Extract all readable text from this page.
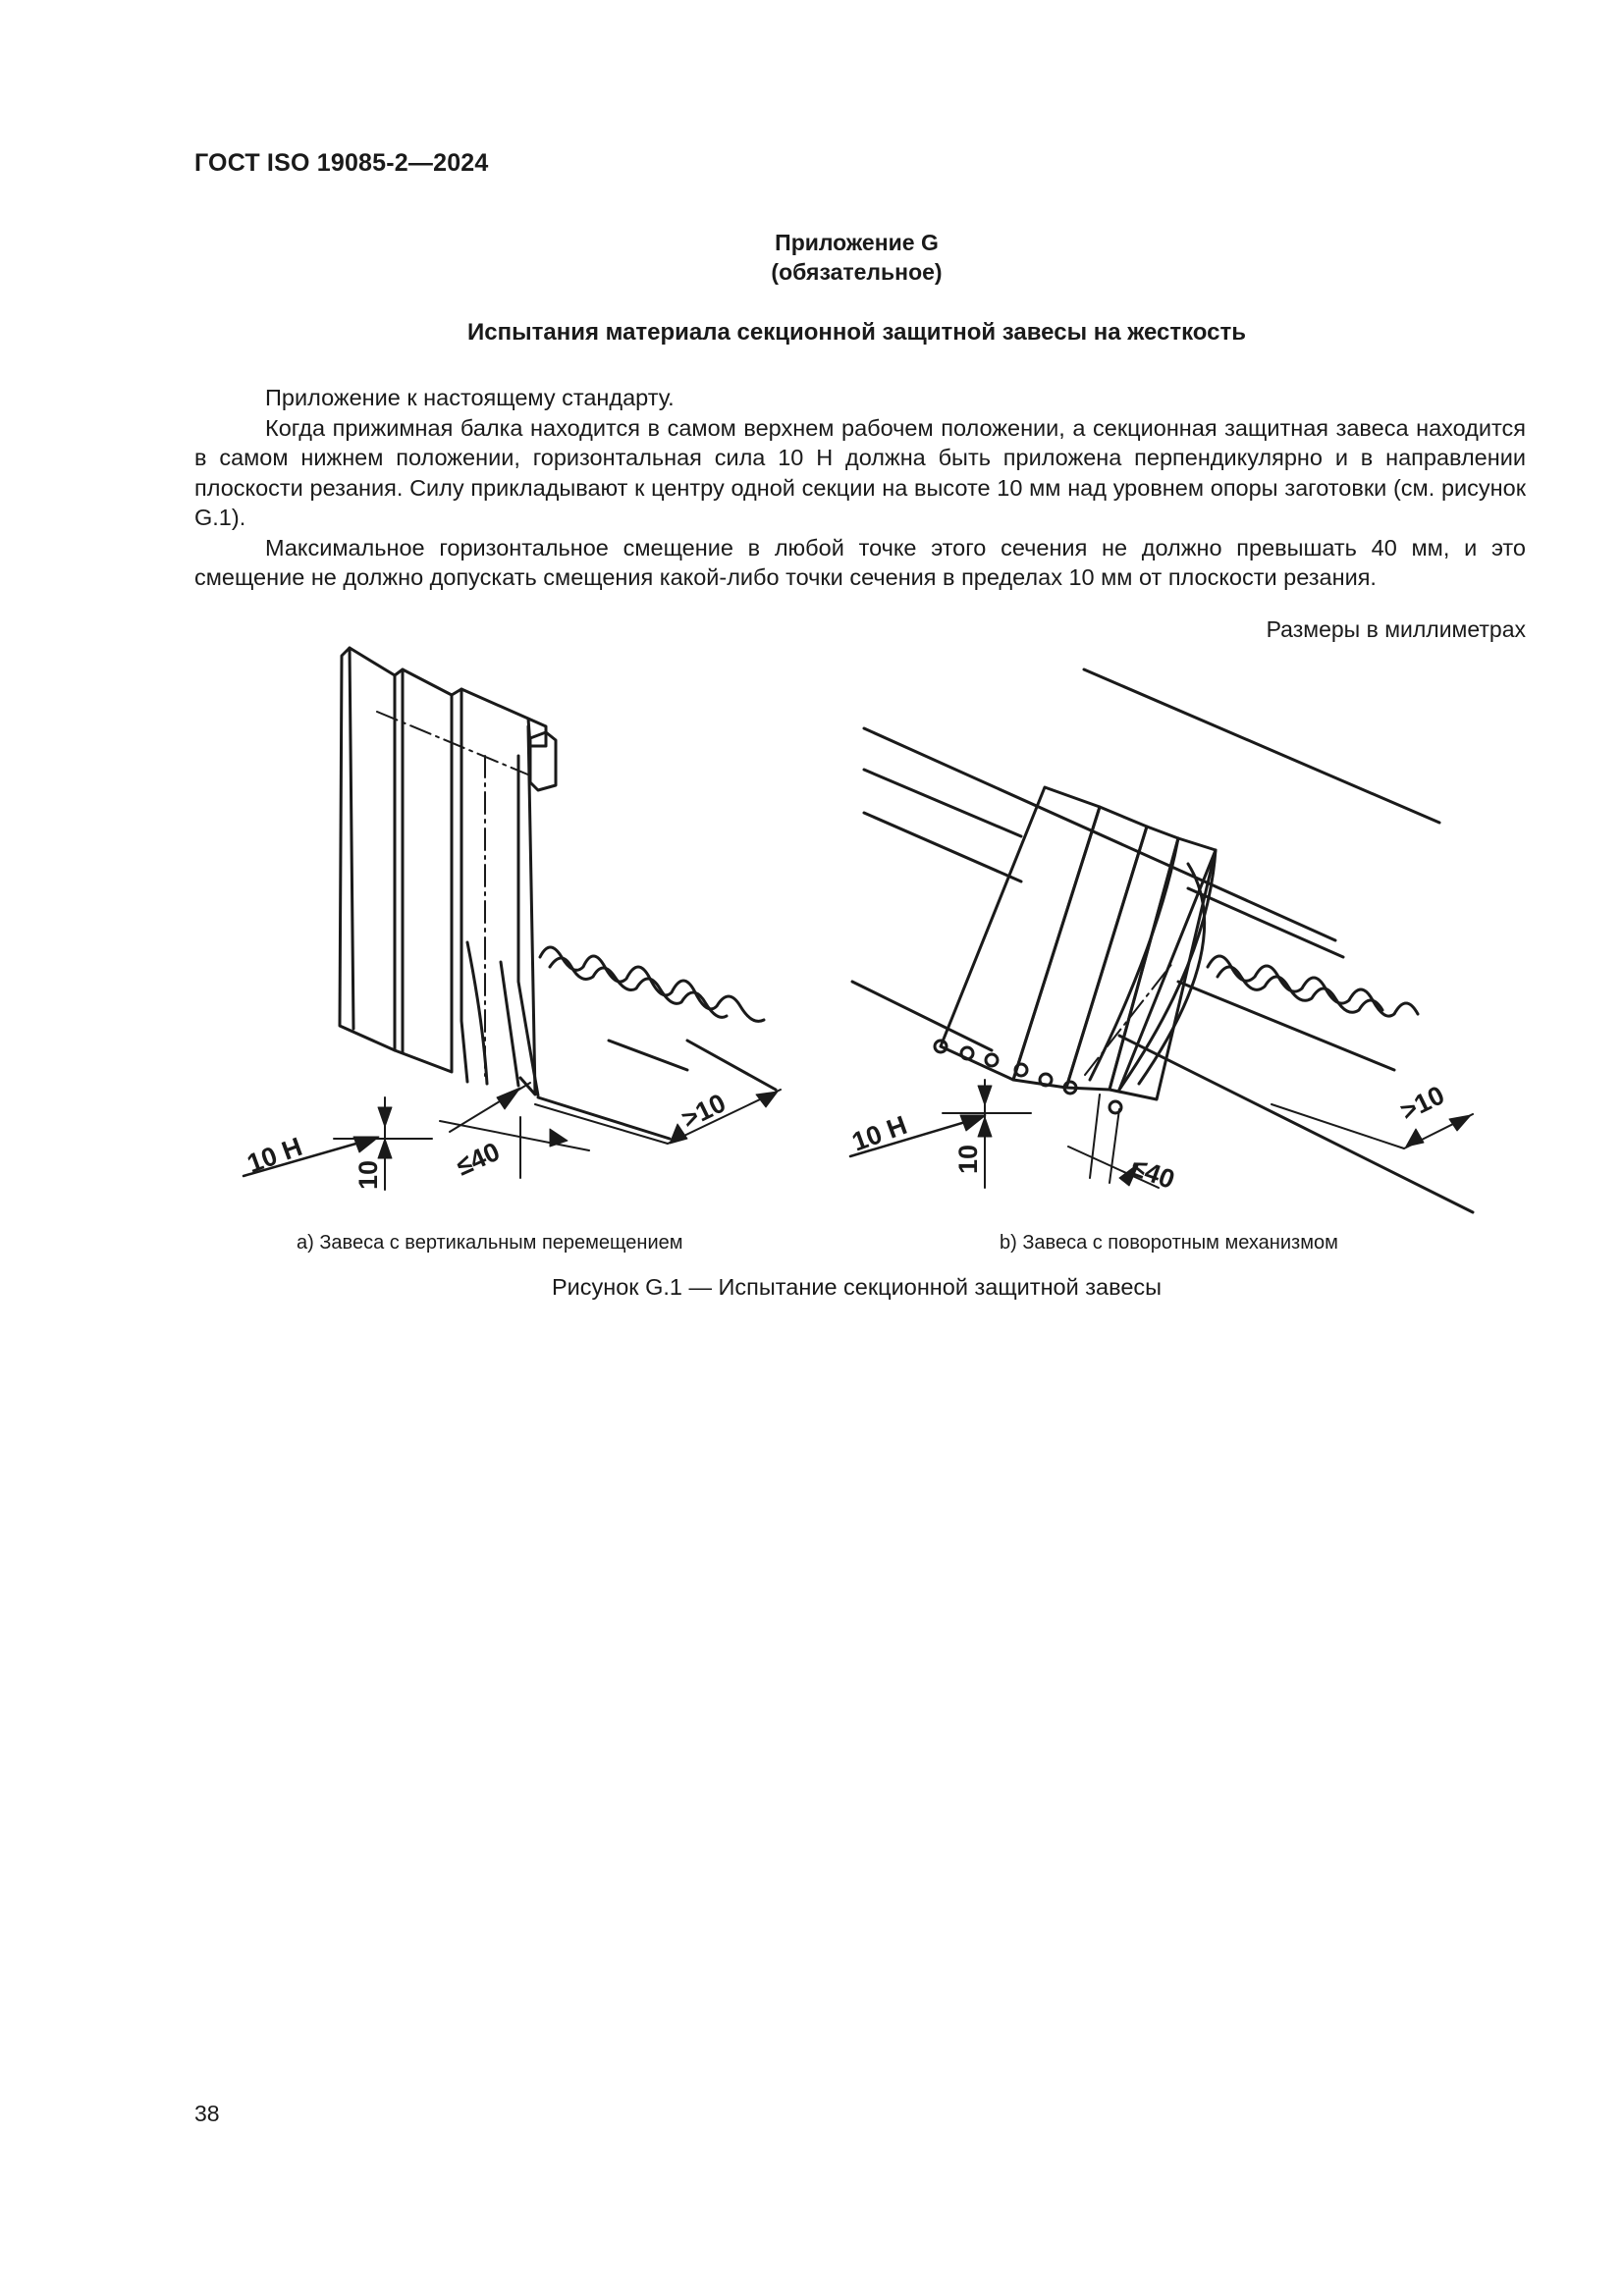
ГОСТ ISO 19085-2—2024
Приложение G
(обязательное)
Испытания материала секционной защитной завесы на жесткость

Приложение к настоящему стандарту.

Когда прижимная балка находится в самом верхнем рабочем положении, а секционная защитная завеса находится в самом нижнем положении, горизонтальная сила 10 Н должна быть приложена перпендикулярно и в направлении плоскости резания. Силу прикладывают к центру одной секции на высоте 10 мм над уровнем опоры заготовки (см. рисунок G.1).

Максимальное горизонтальное смещение в любой точке этого сечения не должно превышать 40 мм, и это смещение не должно допускать смещения какой-либо точки сечения в пределах 10 мм от плоскости резания.

Размеры в миллиметрах
10 H 10	≤40
>10	10 H
10	≤40
>10
a) Завеса с вертикальным перемещением	b) Завеса с поворотным механизмом
Рисунок G.1 — Испытание секционной защитной завесы
38
